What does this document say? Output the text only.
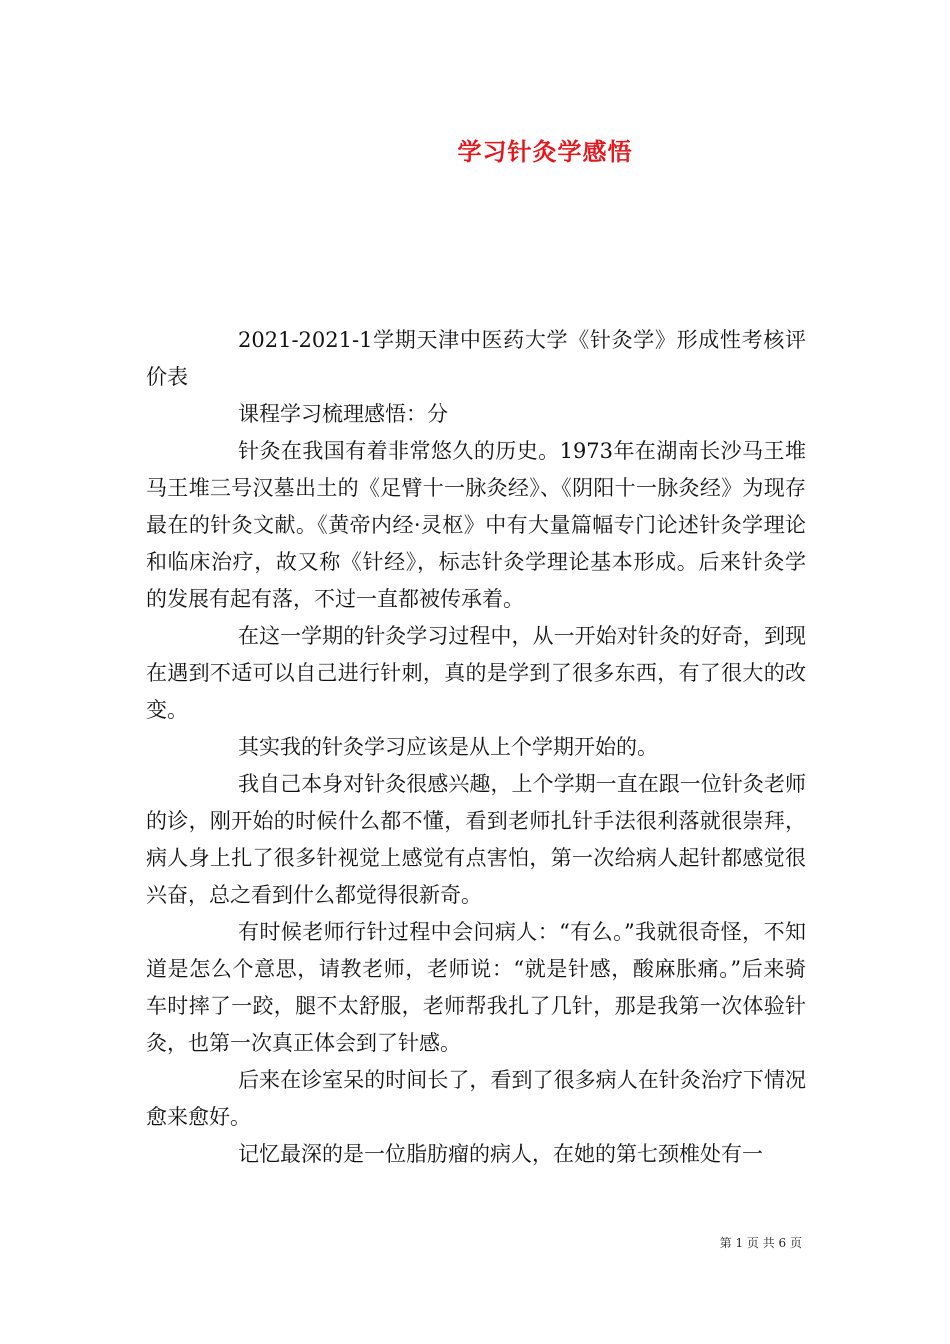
学习针灸学感悟

2021-2021-1学期天津中医药大学《针灸学》形成性考核评价表

课程学习梳理感悟：分

针灸在我国有着非常悠久的历史。1973年在湖南长沙马王堆马王堆三号汉墓出土的《足臂十一脉灸经》、《阴阳十一脉灸经》为现存最在的针灸文献。《黄帝内经·灵枢》中有大量篇幅专门论述针灸学理论和临床治疗，故又称《针经》，标志针灸学理论基本形成。后来针灸学的发展有起有落，不过一直都被传承着。

在这一学期的针灸学习过程中，从一开始对针灸的好奇，到现在遇到不适可以自己进行针刺，真的是学到了很多东西，有了很大的改变。

其实我的针灸学习应该是从上个学期开始的。

我自己本身对针灸很感兴趣，上个学期一直在跟一位针灸老师的诊，刚开始的时候什么都不懂，看到老师扎针手法很利落就很崇拜，病人身上扎了很多针视觉上感觉有点害怕，第一次给病人起针都感觉很兴奋，总之看到什么都觉得很新奇。

有时候老师行针过程中会问病人：“有么。”我就很奇怪，不知道是怎么个意思，请教老师，老师说：“就是针感，酸麻胀痛。”后来骑车时摔了一跤，腿不太舒服，老师帮我扎了几针，那是我第一次体验针灸，也第一次真正体会到了针感。

后来在诊室呆的时间长了，看到了很多病人在针灸治疗下情况愈来愈好。

记忆最深的是一位脂肪瘤的病人，在她的第七颈椎处有一

第 1 页 共 6 页
